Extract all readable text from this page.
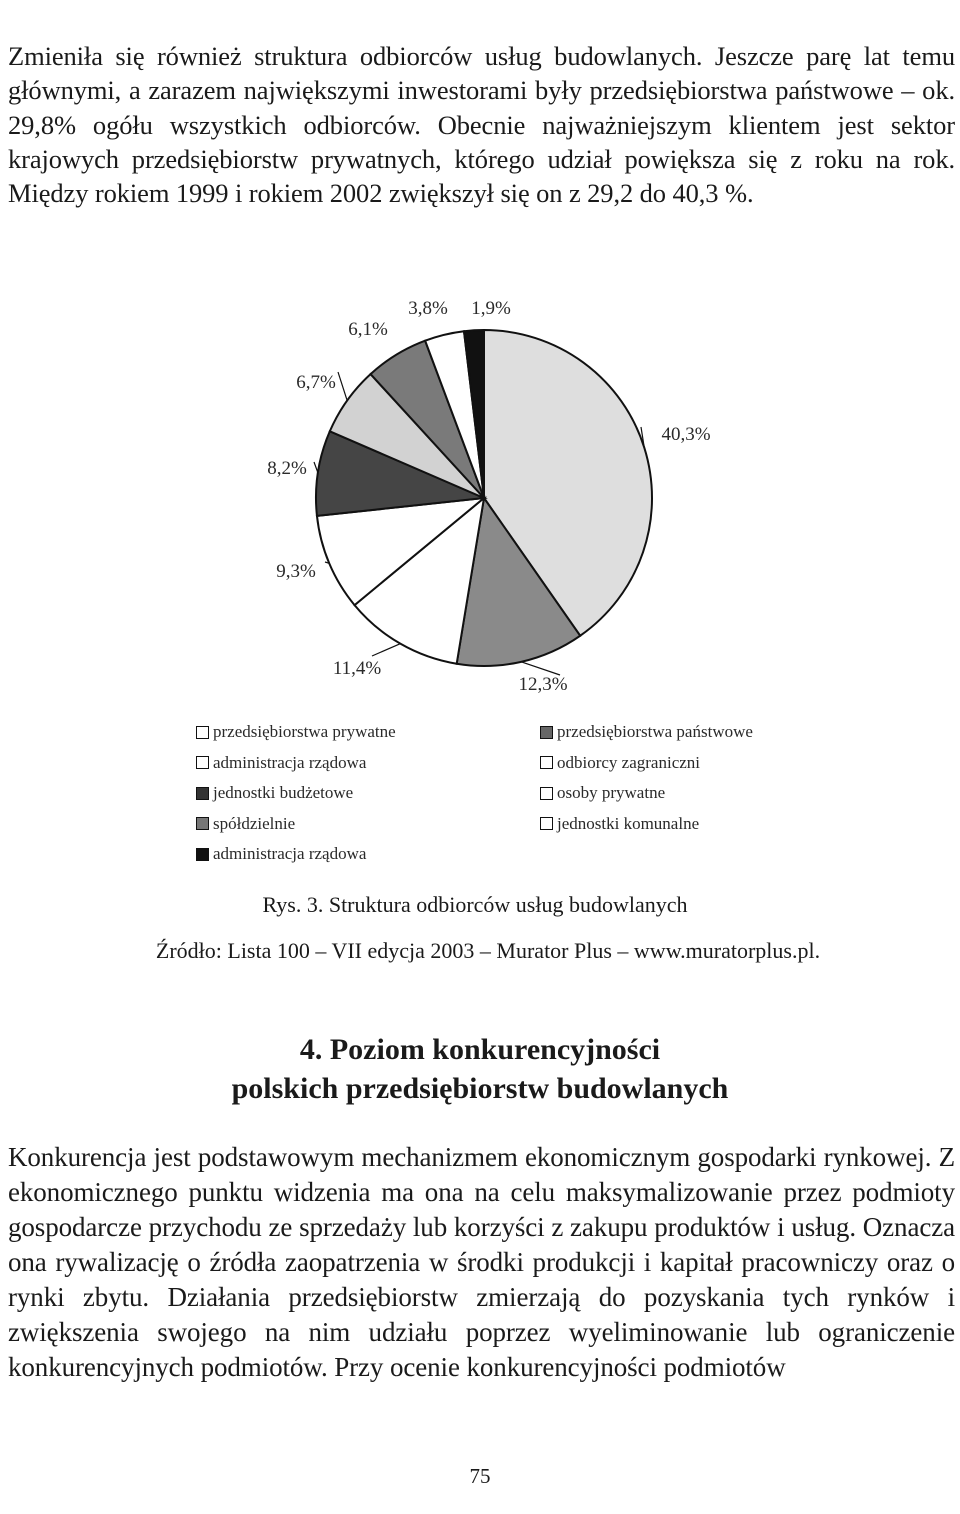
Zmieniła się również struktura odbiorców usług budowlanych. Jeszcze parę lat temu głównymi, a zarazem największymi inwestorami były przedsiębiorstwa państwowe – ok. 29,8% ogółu wszystkich odbiorców. Obecnie najważniejszym klientem jest sektor krajowych przedsiębiorstw prywatnych, którego udział powiększa się z roku na rok. Między rokiem 1999 i rokiem 2002 zwiększył się on z 29,2 do 40,3 %.

40,3%
12,3%
11,4%
9,3%
8,2%
6,7%
6,1%
3,8% 1,9%
przedsiębiorstwa prywatne
administracja rządowa
jednostki budżetowe
spółdzielnie
administracja rządowa
przedsiębiorstwa państwowe
odbiorcy zagraniczni
osoby prywatne
jednostki komunalne

Rys. 3. Struktura odbiorców usług budowlanych

Źródło: Lista 100 – VII edycja 2003 – Murator Plus – www.muratorplus.pl.

4. Poziom konkurencyjności
polskich przedsiębiorstw budowlanych

Konkurencja jest podstawowym mechanizmem ekonomicznym gospodarki rynkowej. Z ekonomicznego punktu widzenia ma ona na celu maksymalizowanie przez podmioty gospodarcze przychodu ze sprzedaży lub korzyści z zakupu produktów i usług. Oznacza ona rywalizację o źródła zaopatrzenia w środki produkcji i kapitał pracowniczy oraz o rynki zbytu. Działania przedsiębiorstw zmierzają do pozyskania tych rynków i zwiększenia swojego na nim udziału poprzez wyeliminowanie lub ograniczenie konkurencyjnych podmiotów. Przy ocenie konkurencyjności podmiotów

75
